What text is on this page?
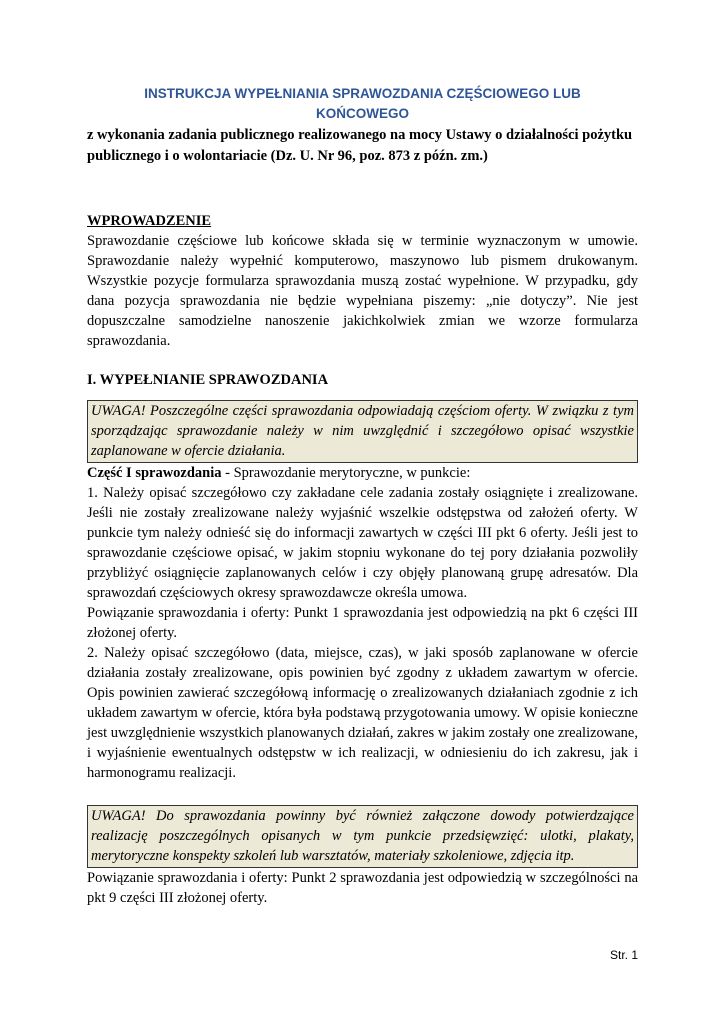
INSTRUKCJA WYPEŁNIANIA SPRAWOZDANIA CZĘŚCIOWEGO LUB
KOŃCOWEGO

z wykonania zadania publicznego realizowanego na mocy Ustawy o działalności pożytku publicznego i o wolontariacie (Dz. U. Nr 96, poz. 873 z późn. zm.)

WPROWADZENIE

Sprawozdanie częściowe lub końcowe składa się w terminie wyznaczonym w umowie. Sprawozdanie należy wypełnić komputerowo, maszynowo lub pismem drukowanym. Wszystkie pozycje formularza sprawozdania muszą zostać wypełnione. W przypadku, gdy dana pozycja sprawozdania nie będzie wypełniana piszemy: „nie dotyczy”. Nie jest dopuszczalne samodzielne nanoszenie jakichkolwiek zmian we wzorze formularza sprawozdania.

I. WYPEŁNIANIE SPRAWOZDANIA
UWAGA! Poszczególne części sprawozdania odpowiadają częściom oferty. W związku z tym sporządzając sprawozdanie należy w nim uwzględnić i szczegółowo opisać wszystkie zaplanowane w ofercie działania.

Część I sprawozdania - Sprawozdanie merytoryczne, w punkcie:

1. Należy opisać szczegółowo czy zakładane cele zadania zostały osiągnięte i zrealizowane. Jeśli nie zostały zrealizowane należy wyjaśnić wszelkie odstępstwa od założeń oferty. W punkcie tym należy odnieść się do informacji zawartych w części III pkt 6 oferty. Jeśli jest to sprawozdanie częściowe opisać, w jakim stopniu wykonane do tej pory działania pozwoliły przybliżyć osiągnięcie zaplanowanych celów i czy objęły planowaną grupę adresatów. Dla sprawozdań częściowych okresy sprawozdawcze określa umowa.

Powiązanie sprawozdania i oferty: Punkt 1 sprawozdania jest odpowiedzią na pkt 6 części III złożonej oferty.

2. Należy opisać szczegółowo (data, miejsce, czas), w jaki sposób zaplanowane w ofercie działania zostały zrealizowane, opis powinien być zgodny z układem zawartym w ofercie. Opis powinien zawierać szczegółową informację o zrealizowanych działaniach zgodnie z ich układem zawartym w ofercie, która była podstawą przygotowania umowy. W opisie konieczne jest uwzględnienie wszystkich planowanych działań, zakres w jakim zostały one zrealizowane, i wyjaśnienie ewentualnych odstępstw w ich realizacji, w odniesieniu do ich zakresu, jak i harmonogramu realizacji.

UWAGA! Do sprawozdania powinny być również załączone dowody potwierdzające realizację poszczególnych opisanych w tym punkcie przedsięwzięć: ulotki, plakaty, merytoryczne konspekty szkoleń lub warsztatów, materiały szkoleniowe, zdjęcia itp.

Powiązanie sprawozdania i oferty: Punkt 2 sprawozdania jest odpowiedzią w szczególności na pkt 9 części III złożonej oferty.

Str. 1
